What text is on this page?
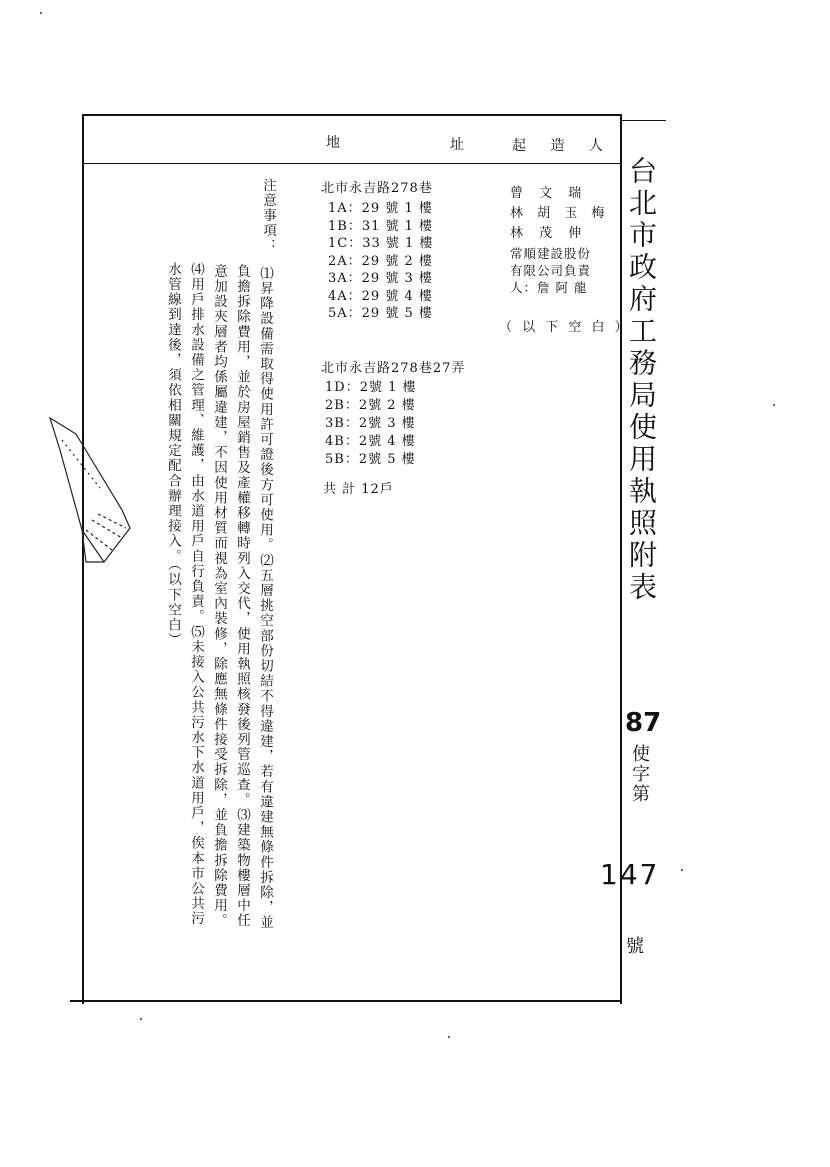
地	址	起 造 人
北市永吉路278巷
1A：29 號 1 樓
1B：31 號 1 樓
1C：33 號 1 樓
2A：29 號 2 樓
3A：29 號 3 樓
4A：29 號 4 樓
5A：29 號 5 樓
北市永吉路278巷27弄
1D：2號 1 樓
2B：2號 2 樓
3B：2號 3 樓
4B：2號 4 樓
5B：2號 5 樓
共 計 12戶
曾 文 瑞
林 胡 玉 梅
林 茂 伸
常順建設股份
有限公司負責
人：詹 阿 龍
（ 以 下 空 白 ）
注意事項：
⑴昇降設備需取得使用許可證後方可使用。⑵五層挑空部份切結不得違建，若有違建無條件拆除，並
負擔拆除費用，並於房屋銷售及產權移轉時列入交代，使用執照核發後列管巡查。⑶建築物樓層中任
意加設夾層者均係屬違建，不因使用材質而視為室內裝修，除應無條件接受拆除，並負擔拆除費用。
⑷用戶排水設備之管理、維護，由水道用戶自行負責。⑸未接入公共污水下水道用戶，俟本市公共污
水管線到達後，須依相關規定配合辦理接入。（以下空白）	台北市政府工務局使用執照附表
87
使字第
147
號
